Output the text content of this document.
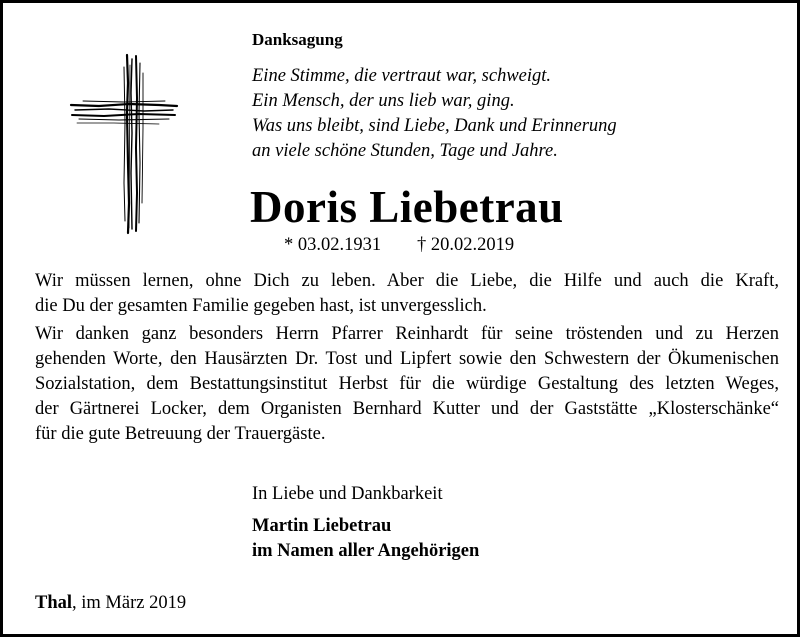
Danksagung
Eine Stimme, die vertraut war, schweigt.
Ein Mensch, der uns lieb war, ging.
Was uns bleibt, sind Liebe, Dank und Erinnerung
an viele schöne Stunden, Tage und Jahre.
Doris Liebetrau
* 03.02.1931 † 20.02.2019
Wir müssen lernen, ohne Dich zu leben. Aber die Liebe, die Hilfe und auch die Kraft,
die Du der gesamten Familie gegeben hast, ist unvergesslich.
Wir danken ganz besonders Herrn Pfarrer Reinhardt für seine tröstenden und zu Herzen
gehenden Worte, den Hausärzten Dr. Tost und Lipfert sowie den Schwestern der Ökumenischen
Sozialstation, dem Bestattungsinstitut Herbst für die würdige Gestaltung des letzten Weges,
der Gärtnerei Locker, dem Organisten Bernhard Kutter und der Gaststätte „Klosterschänke“
für die gute Betreuung der Trauergäste.
In Liebe und Dankbarkeit
Martin Liebetrau
im Namen aller Angehörigen
Thal, im März 2019
